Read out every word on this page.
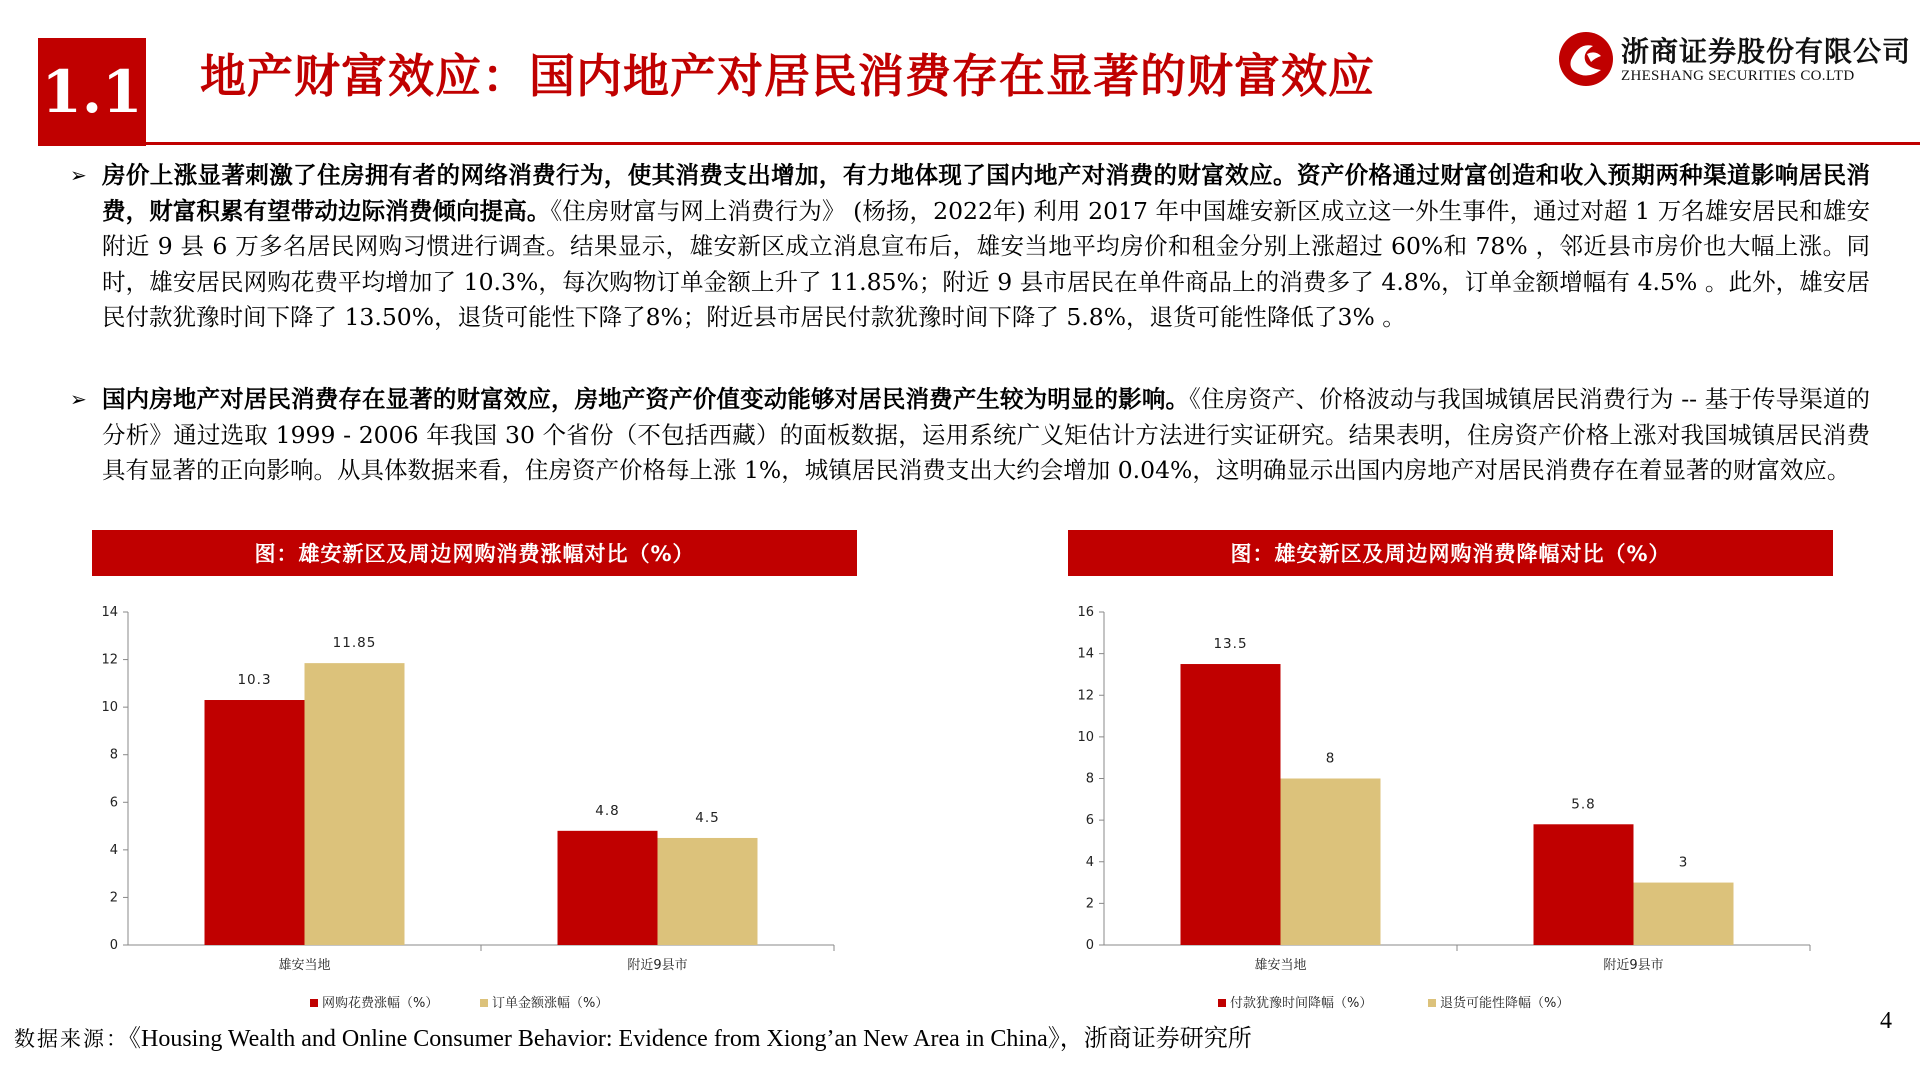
1.1 地产财富效应：国内地产对居民消费存在显著的财富效应	浙商证券股份有限公司
ZHESHANG SECURITIES CO.LTD
➢ 房价上涨显著刺激了住房拥有者的网络消费行为，使其消费支出增加，有力地体现了国内地产对消费的财富效应。资产价格通过财富创造和收入预期两种渠道影响居民消费，财富积累有望带动边际消费倾向提高。《住房财富与网上消费行为》 (杨扬，2022年) 利用 2017 年中国雄安新区成立这一外生事件，通过对超 1 万名雄安居民和雄安附近 9 县 6 万多名居民网购习惯进行调查。结果显示，雄安新区成立消息宣布后，雄安当地平均房价和租金分别上涨超过 60%和 78% ，邻近县市房价也大幅上涨。同时，雄安居民网购花费平均增加了 10.3%，每次购物订单金额上升了 11.85%；附近 9 县市居民在单件商品上的消费多了 4.8%，订单金额增幅有 4.5% 。此外，雄安居民付款犹豫时间下降了 13.50%，退货可能性下降了8%；附近县市居民付款犹豫时间下降了 5.8%，退货可能性降低了3% 。
➢ 国内房地产对居民消费存在显著的财富效应，房地产资产价值变动能够对居民消费产生较为明显的影响。《住房资产、价格波动与我国城镇居民消费行为 -- 基于传导渠道的分析》通过选取 1999 - 2006 年我国 30 个省份（不包括西藏）的面板数据，运用系统广义矩估计方法进行实证研究。结果表明，住房资产价格上涨对我国城镇居民消费具有显著的正向影响。从具体数据来看，住房资产价格每上涨 1%，城镇居民消费支出大约会增加 0.04%，这明确显示出国内房地产对居民消费存在着显著的财富效应。
图：雄安新区及周边网购消费涨幅对比（%）
0
2
4
6
8
10
12
14
10.3
11.85
雄安当地
4.8	4.5
附近9县市
网购花费涨幅（%）	订单金额涨幅（%）
图：雄安新区及周边网购消费降幅对比（%）
0
2
4
6
8
10
12
14
16
13.5
8
雄安当地
5.8
3
附近9县市
付款犹豫时间降幅（%）	退货可能性降幅（%）
数据来源：《Housing Wealth and Online Consumer Behavior: Evidence from Xiong’an New Area in China》，浙商证券研究所
4
